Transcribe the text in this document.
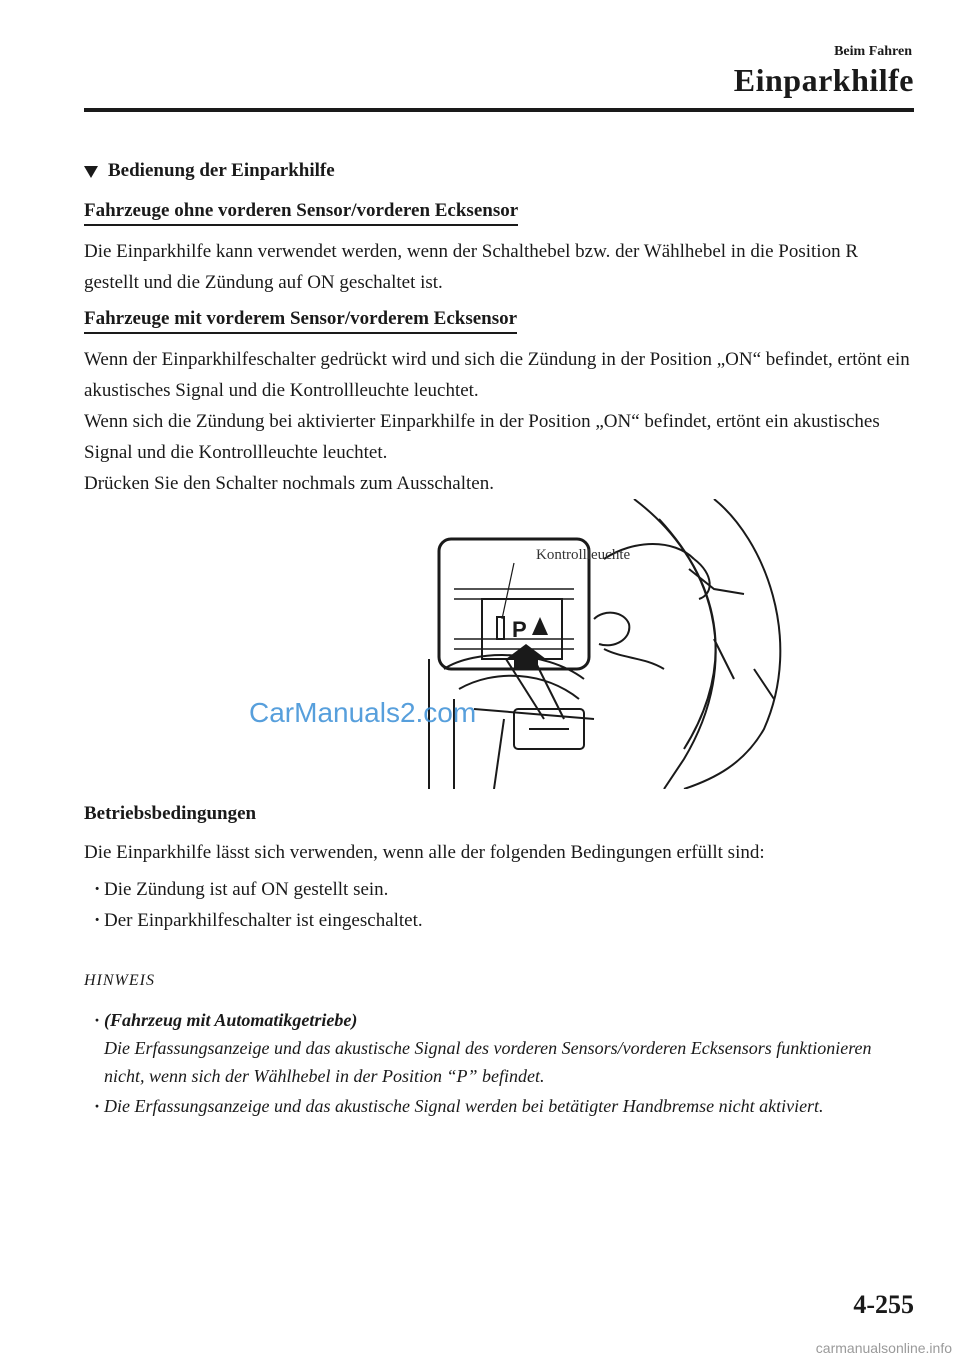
Beim Fahren
Einparkhilfe
Bedienung der Einparkhilfe
Fahrzeuge ohne vorderen Sensor/vorderen Ecksensor

Die Einparkhilfe kann verwendet werden, wenn der Schalthebel bzw. der Wählhebel in die Position R gestellt und die Zündung auf ON geschaltet ist.

Fahrzeuge mit vorderem Sensor/vorderem Ecksensor

Wenn der Einparkhilfeschalter gedrückt wird und sich die Zündung in der Position „ON“ befindet, ertönt ein akustisches Signal und die Kontrollleuchte leuchtet.

Wenn sich die Zündung bei aktivierter Einparkhilfe in der Position „ON“ befindet, ertönt ein akustisches Signal und die Kontrollleuchte leuchtet.

Drücken Sie den Schalter nochmals zum Ausschalten.

P
Kontrollleuchte
CarManuals2.com
Betriebsbedingungen

Die Einparkhilfe lässt sich verwenden, wenn alle der folgenden Bedingungen erfüllt sind:

· Die Zündung ist auf ON gestellt sein.
· Der Einparkhilfeschalter ist eingeschaltet.
HINWEIS
· (Fahrzeug mit Automatikgetriebe)
Die Erfassungsanzeige und das akustische Signal des vorderen Sensors/vorderen Ecksensors funktionieren nicht, wenn sich der Wählhebel in der Position “P” befindet.
· Die Erfassungsanzeige und das akustische Signal werden bei betätigter Handbremse nicht aktiviert.
4-255
carmanualsonline.info
